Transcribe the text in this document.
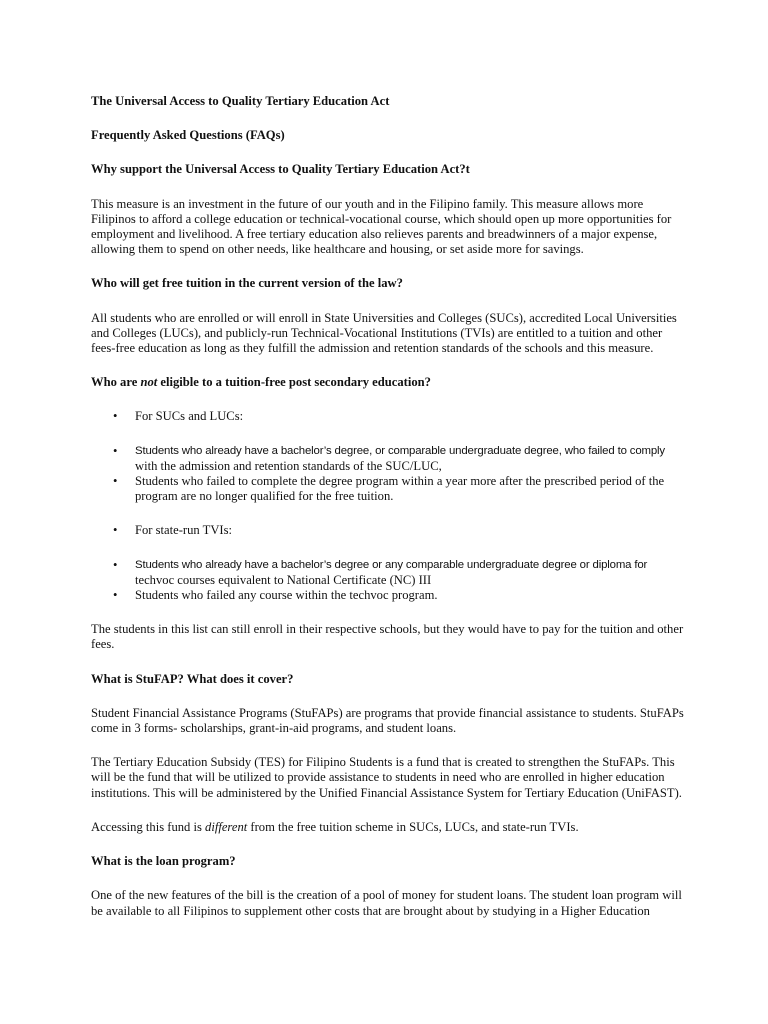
The Universal Access to Quality Tertiary Education Act

Frequently Asked Questions (FAQs)

Why support the Universal Access to Quality Tertiary Education Act?t

This measure is an investment in the future of our youth and in the Filipino family. This measure allows more Filipinos to afford a college education or technical-vocational course, which should open up more opportunities for employment and livelihood. A free tertiary education also relieves parents and breadwinners of a major expense, allowing them to spend on other needs, like healthcare and housing, or set aside more for savings.

Who will get free tuition in the current version of the law?

All students who are enrolled or will enroll in State Universities and Colleges (SUCs), accredited Local Universities and Colleges (LUCs), and publicly-run Technical-Vocational Institutions (TVIs) are entitled to a tuition and other fees-free education as long as they fulfill the admission and retention standards of the schools and this measure.

Who are not eligible to a tuition-free post secondary education?

• For SUCs and LUCs:
• Students who already have a bachelor’s degree, or comparable undergraduate degree, who failed to comply
with the admission and retention standards of the SUC/LUC,
• Students who failed to complete the degree program within a year more after the prescribed period of the program are no longer qualified for the free tuition.
• For state-run TVIs:
• Students who already have a bachelor’s degree or any comparable undergraduate degree or diploma for
techvoc courses equivalent to National Certificate (NC) III
• Students who failed any course within the techvoc program.

The students in this list can still enroll in their respective schools, but they would have to pay for the tuition and other fees.

What is StuFAP? What does it cover?

Student Financial Assistance Programs (StuFAPs) are programs that provide financial assistance to students. StuFAPs come in 3 forms- scholarships, grant-in-aid programs, and student loans.

The Tertiary Education Subsidy (TES) for Filipino Students is a fund that is created to strengthen the StuFAPs. This will be the fund that will be utilized to provide assistance to students in need who are enrolled in higher education institutions. This will be administered by the Unified Financial Assistance System for Tertiary Education (UniFAST).

Accessing this fund is different from the free tuition scheme in SUCs, LUCs, and state-run TVIs.

What is the loan program?

One of the new features of the bill is the creation of a pool of money for student loans. The student loan program will be available to all Filipinos to supplement other costs that are brought about by studying in a Higher Education
